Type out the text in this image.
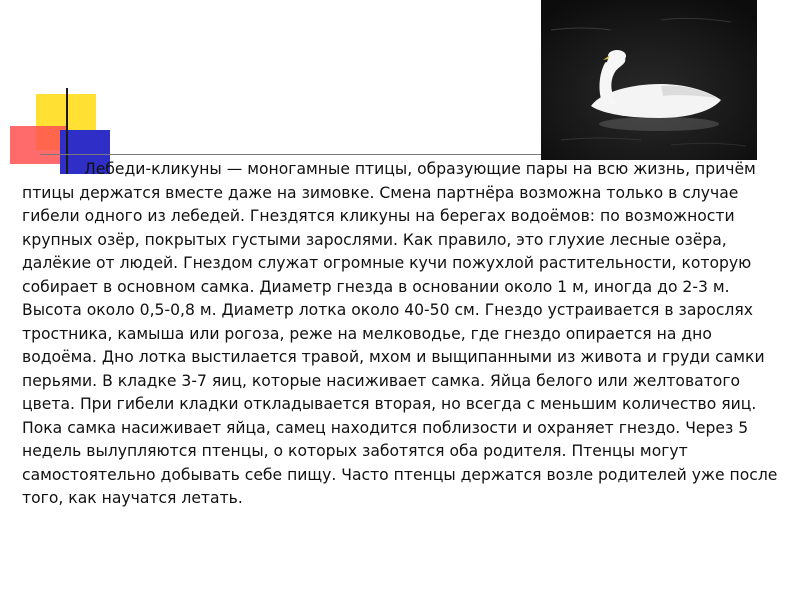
Лебеди-кликуны — моногамные птицы, образующие пары на всю жизнь, причём птицы держатся вместе даже на зимовке. Смена партнёра возможна только в случае гибели одного из лебедей. Гнездятся кликуны на берегах водоёмов: по возможности крупных озёр, покрытых густыми зарослями. Как правило, это глухие лесные озёра, далёкие от людей. Гнездом служат огромные кучи пожухлой растительности, которую собирает в основном самка. Диаметр гнезда в основании около 1 м, иногда до 2-3 м. Высота около 0,5-0,8 м. Диаметр лотка около 40-50 см. Гнездо устраивается в зарослях тростника, камыша или рогоза, реже на мелководье, где гнездо опирается на дно водоёма. Дно лотка выстилается травой, мхом и выщипанными из живота и груди самки перьями. В кладке 3-7 яиц, которые насиживает самка. Яйца белого или желтоватого цвета. При гибели кладки откладывается вторая, но всегда с меньшим количество яиц. Пока самка насиживает яйца, самец находится поблизости и охраняет гнездо. Через 5 недель вылупляются птенцы, о которых заботятся оба родителя. Птенцы могут самостоятельно добывать себе пищу. Часто птенцы держатся возле родителей уже после того, как научатся летать.
